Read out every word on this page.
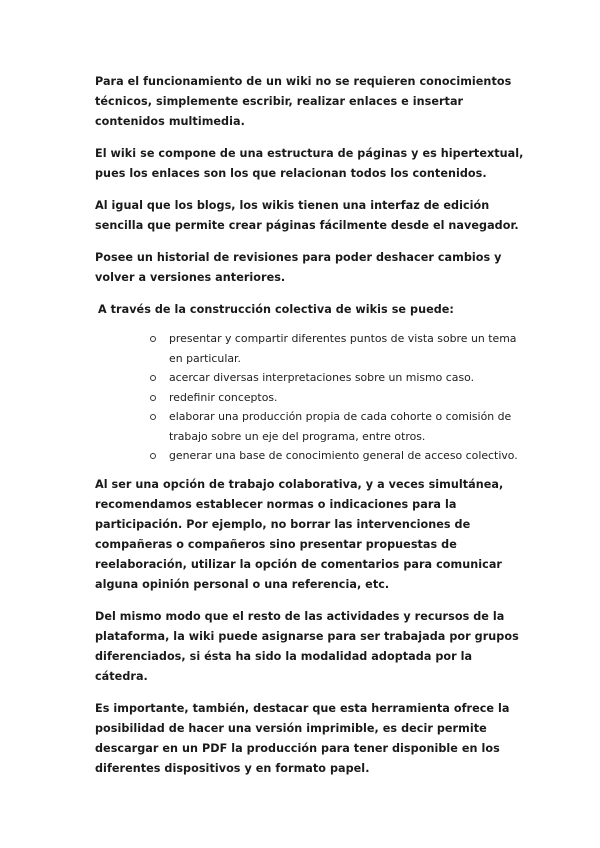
Para el funcionamiento de un wiki no se requieren conocimientos técnicos, simplemente escribir, realizar enlaces e insertar contenidos multimedia.

El wiki se compone de una estructura de páginas y es hipertextual, pues los enlaces son los que relacionan todos los contenidos.

Al igual que los blogs, los wikis tienen una interfaz de edición sencilla que permite crear páginas fácilmente desde el navegador.

Posee un historial de revisiones para poder deshacer cambios y volver a versiones anteriores.

A través de la construcción colectiva de wikis se puede:

presentar y compartir diferentes puntos de vista sobre un tema en particular.
acercar diversas interpretaciones sobre un mismo caso.
redefinir conceptos.
elaborar una producción propia de cada cohorte o comisión de trabajo sobre un eje del programa, entre otros.
generar una base de conocimiento general de acceso colectivo.

Al ser una opción de trabajo colaborativa, y a veces simultánea, recomendamos establecer normas o indicaciones para la participación. Por ejemplo, no borrar las intervenciones de compañeras o compañeros sino presentar propuestas de reelaboración, utilizar la opción de comentarios para comunicar alguna opinión personal o una referencia, etc.

Del mismo modo que el resto de las actividades y recursos de la plataforma, la wiki puede asignarse para ser trabajada por grupos diferenciados, si ésta ha sido la modalidad adoptada por la cátedra.

Es importante, también, destacar que esta herramienta ofrece la posibilidad de hacer una versión imprimible, es decir permite descargar en un PDF la producción para tener disponible en los diferentes dispositivos y en formato papel.
